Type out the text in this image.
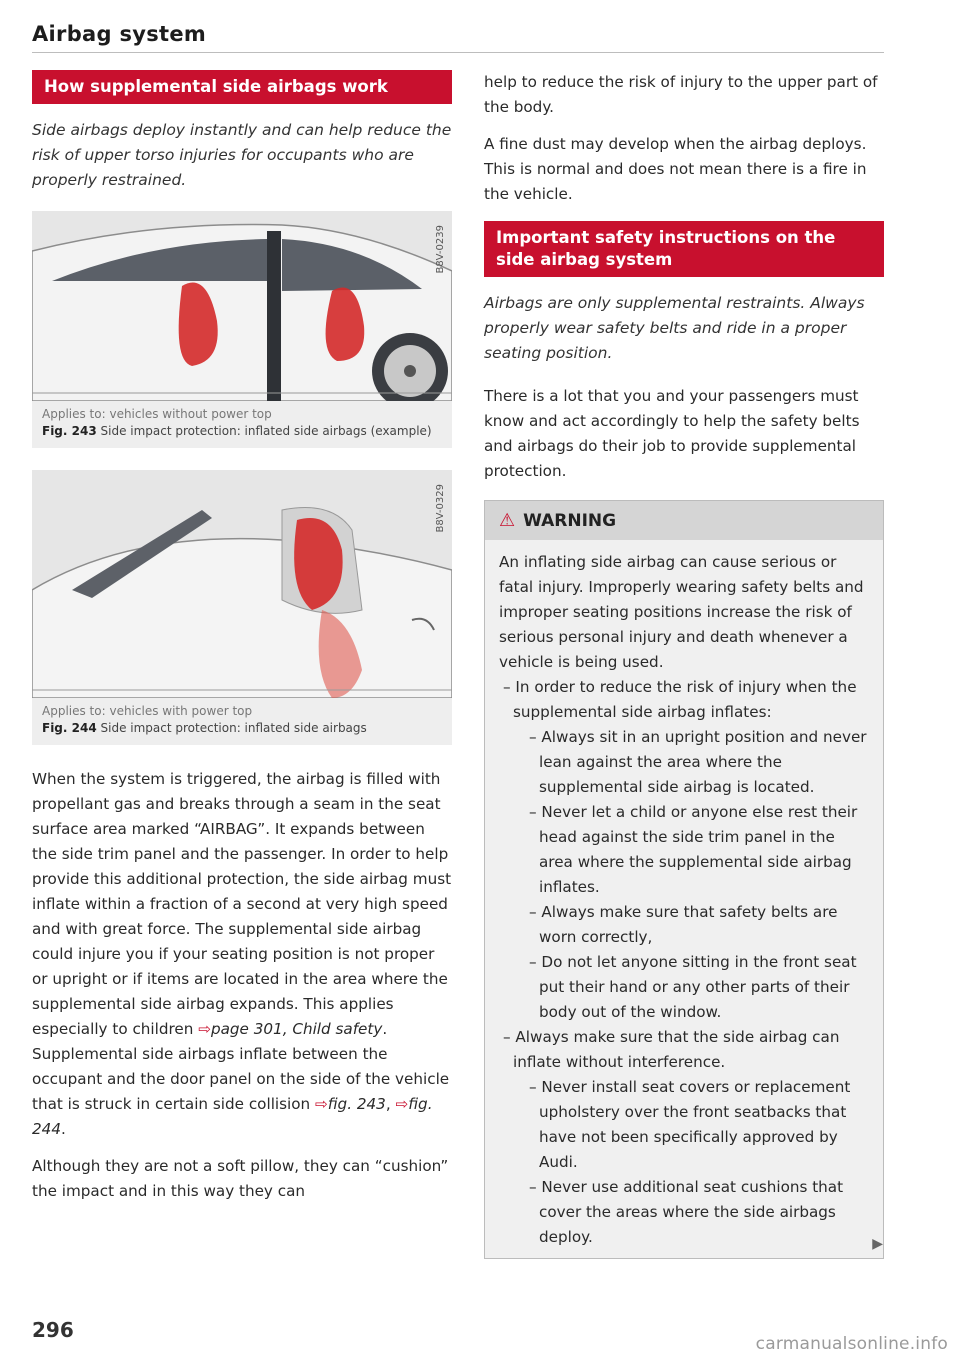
Airbag system
How supplemental side airbags work
Side airbags deploy instantly and can help reduce the risk of upper torso injuries for occupants who are properly restrained.
B8V-0239
Applies to: vehicles without power top
Fig. 243 Side impact protection: inflated side airbags (example)
B8V-0329
Applies to: vehicles with power top
Fig. 244 Side impact protection: inflated side airbags

When the system is triggered, the airbag is filled with propellant gas and breaks through a seam in the seat surface area marked “AIRBAG”. It expands between the side trim panel and the passenger. In order to help provide this additional protection, the side airbag must inflate within a fraction of a second at very high speed and with great force. The supplemental side airbag could injure you if your seating position is not proper or upright or if items are located in the area where the supplemental side airbag expands. This applies especially to children ⇨page 301, Child safety. Supplemental side airbags inflate between the occupant and the door panel on the side of the vehicle that is struck in certain side collision ⇨fig. 243, ⇨fig. 244.

Although they are not a soft pillow, they can “cushion” the impact and in this way they can

help to reduce the risk of injury to the upper part of the body.

A fine dust may develop when the airbag deploys. This is normal and does not mean there is a fire in the vehicle.

Important safety instructions on the side airbag system
Airbags are only supplemental restraints. Always properly wear safety belts and ride in a proper seating position.

There is a lot that you and your passengers must know and act accordingly to help the safety belts and airbags do their job to provide supplemental protection.

⚠ WARNING

An inflating side airbag can cause serious or fatal injury. Improperly wearing safety belts and improper seating positions increase the risk of serious personal injury and death whenever a vehicle is being used.

– In order to reduce the risk of injury when the supplemental side airbag inflates:

– Always sit in an upright position and never lean against the area where the supplemental side airbag is located.

– Never let a child or anyone else rest their head against the side trim panel in the area where the supplemental side airbag inflates.

– Always make sure that safety belts are worn correctly,

– Do not let anyone sitting in the front seat put their hand or any other parts of their body out of the window.

– Always make sure that the side airbag can inflate without interference.

– Never install seat covers or replacement upholstery over the front seatbacks that have not been specifically approved by Audi.

– Never use additional seat cushions that cover the areas where the side airbags deploy.	▶
296
carmanualsonline.info
